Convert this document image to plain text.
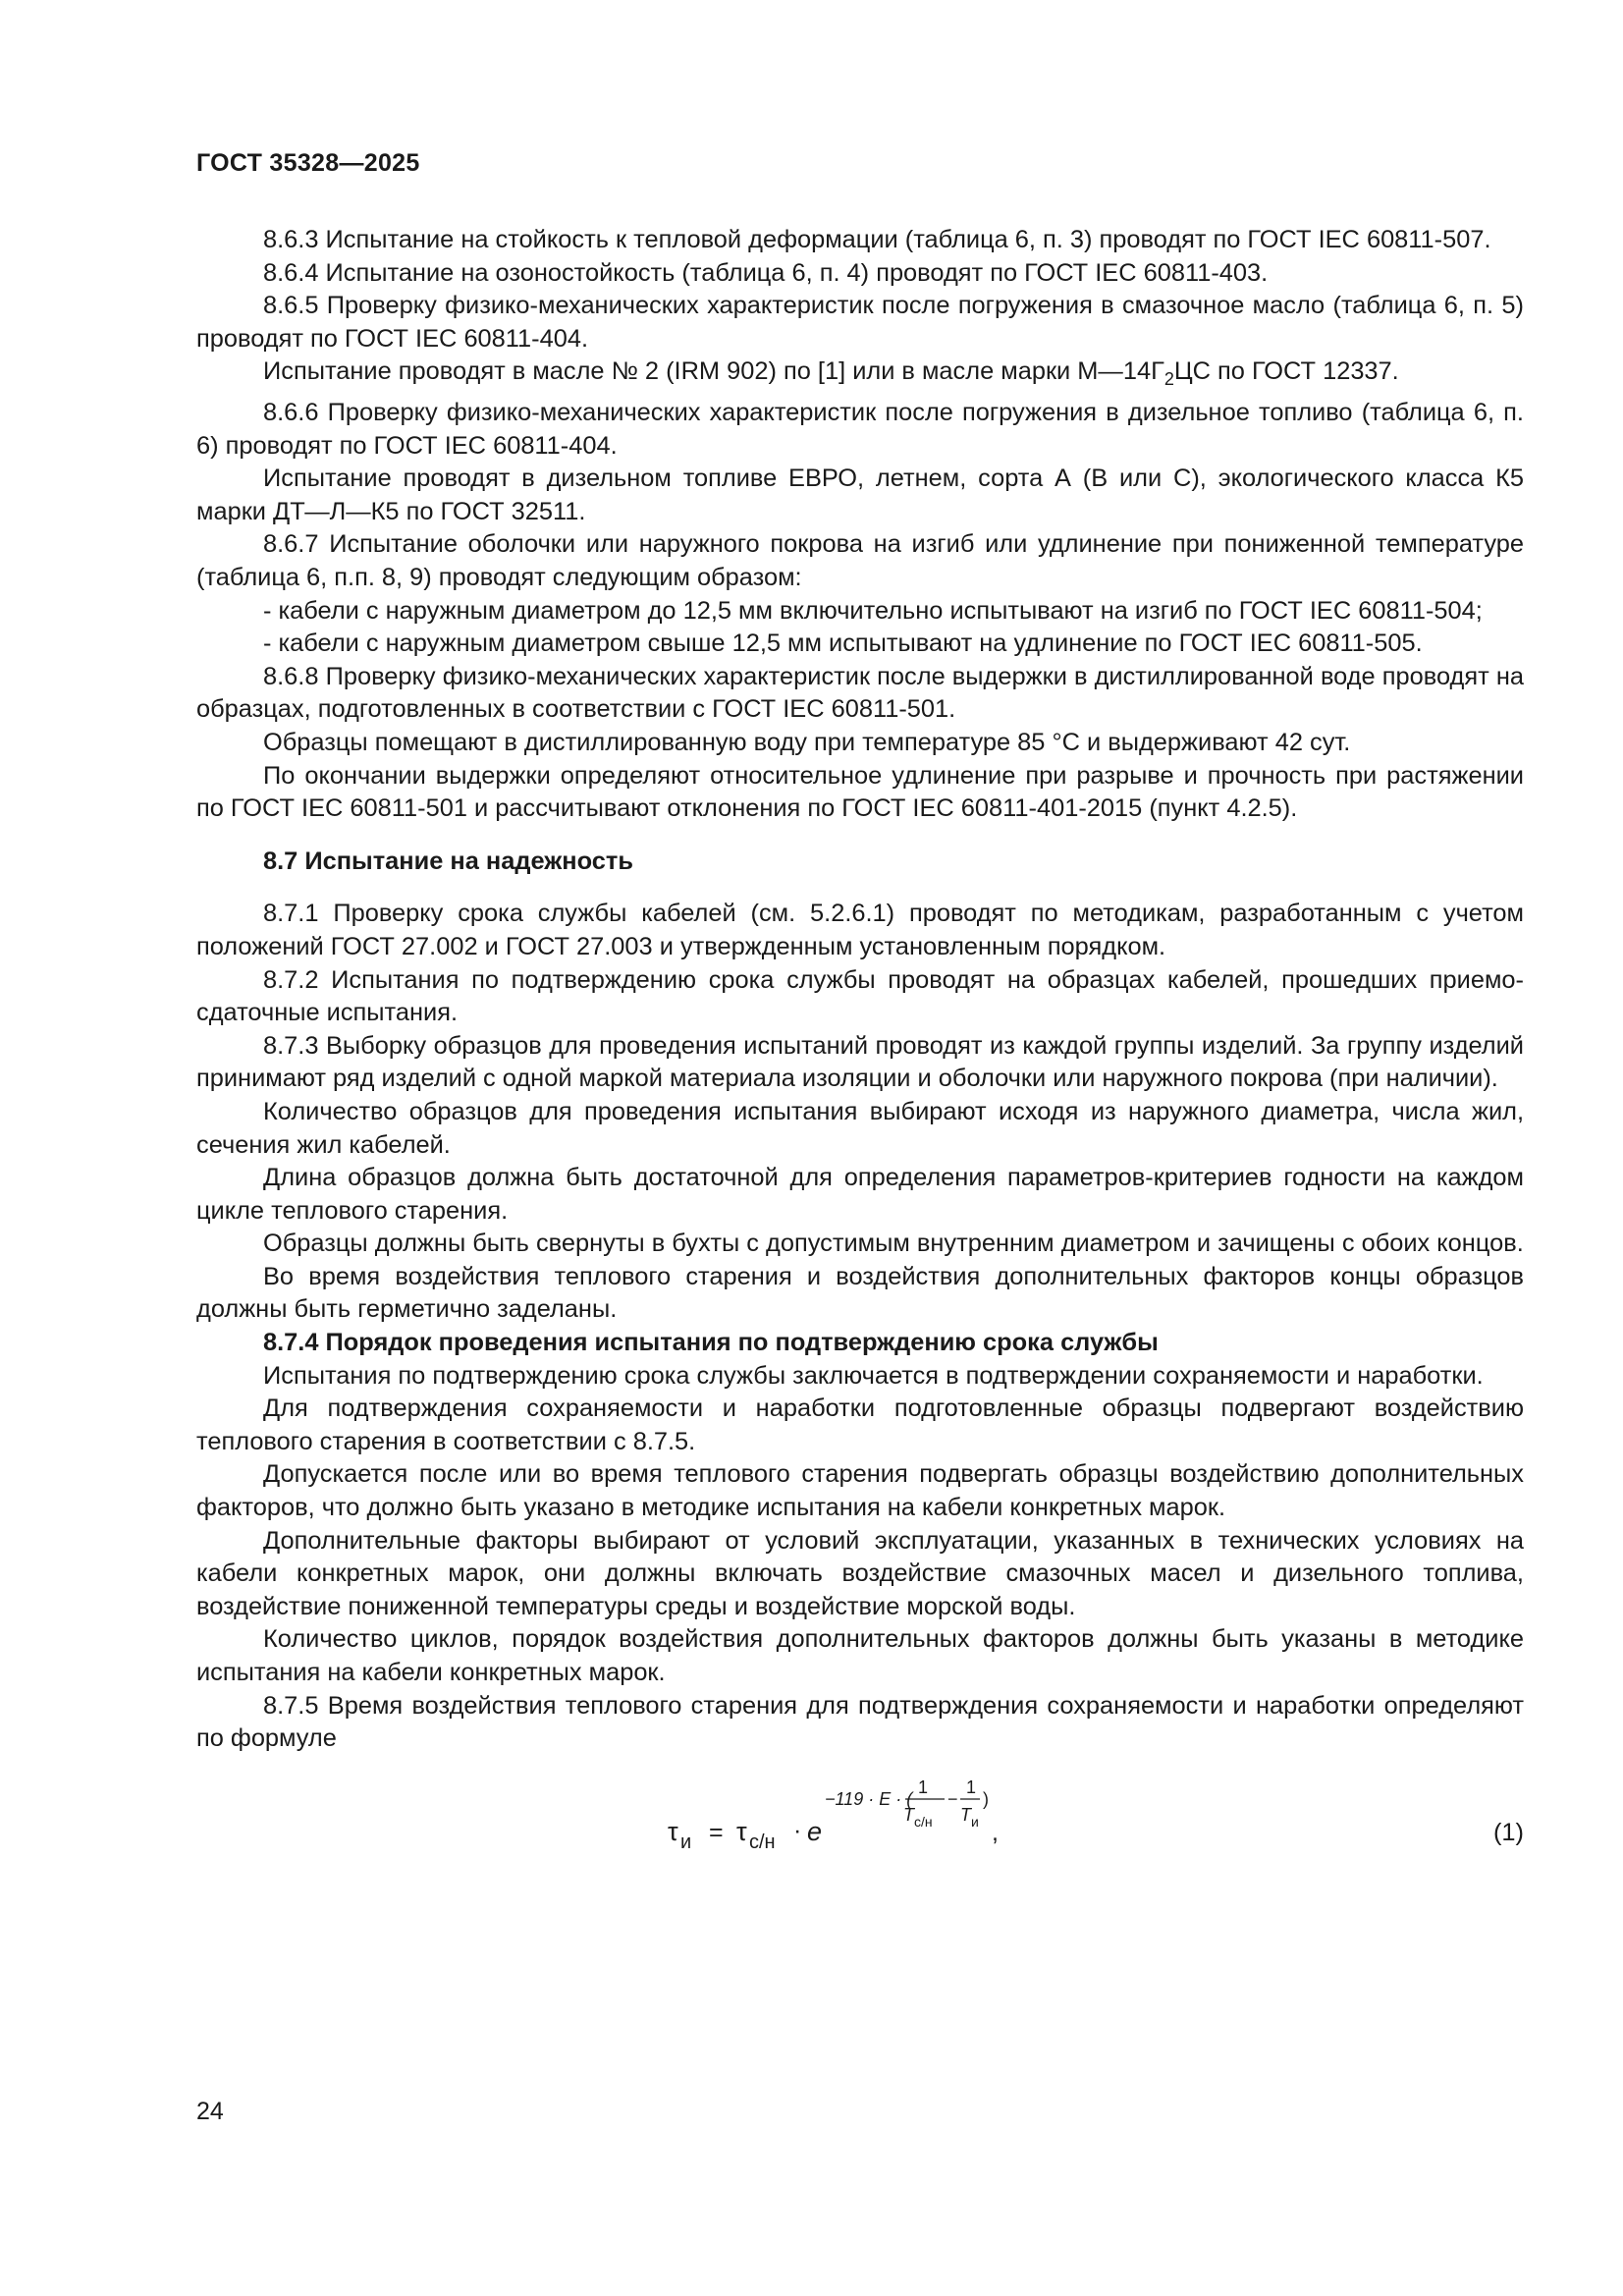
ГОСТ 35328—2025

8.6.3 Испытание на стойкость к тепловой деформации (таблица 6, п. 3) проводят по ГОСТ IEC 60811-507.

8.6.4 Испытание на озоностойкость (таблица 6, п. 4) проводят по ГОСТ IEC 60811-403.

8.6.5 Проверку физико-механических характеристик после погружения в смазочное масло (таблица 6, п. 5) проводят по ГОСТ IEC 60811-404.

Испытание проводят в масле № 2 (IRM 902) по [1] или в масле марки $М—14Г_2ЦС$ по ГОСТ 12337.

8.6.6 Проверку физико-механических характеристик после погружения в дизельное топливо (таблица 6, п. 6) проводят по ГОСТ IEC 60811-404.

Испытание проводят в дизельном топливе ЕВРО, летнем, сорта А (В или С), экологического класса К5 марки ДТ—Л—К5 по ГОСТ 32511.

8.6.7 Испытание оболочки или наружного покрова на изгиб или удлинение при пониженной температуре (таблица 6, п.п. 8, 9) проводят следующим образом:

- кабели с наружным диаметром до 12,5 мм включительно испытывают на изгиб по ГОСТ IEC 60811-504;

- кабели с наружным диаметром свыше 12,5 мм испытывают на удлинение по ГОСТ IEC 60811-505.

8.6.8 Проверку физико-механических характеристик после выдержки в дистиллированной воде проводят на образцах, подготовленных в соответствии с ГОСТ IEC 60811-501.

Образцы помещают в дистиллированную воду при температуре 85 °С и выдерживают 42 сут.

По окончании выдержки определяют относительное удлинение при разрыве и прочность при растяжении по ГОСТ IEC 60811-501 и рассчитывают отклонения по ГОСТ IEC 60811-401-2015 (пункт 4.2.5).

8.7 Испытание на надежность

8.7.1 Проверку срока службы кабелей (см. 5.2.6.1) проводят по методикам, разработанным с учетом положений ГОСТ 27.002 и ГОСТ 27.003 и утвержденным установленным порядком.

8.7.2 Испытания по подтверждению срока службы проводят на образцах кабелей, прошедших приемо-сдаточные испытания.

8.7.3 Выборку образцов для проведения испытаний проводят из каждой группы изделий. За группу изделий принимают ряд изделий с одной маркой материала изоляции и оболочки или наружного покрова (при наличии).

Количество образцов для проведения испытания выбирают исходя из наружного диаметра, числа жил, сечения жил кабелей.

Длина образцов должна быть достаточной для определения параметров-критериев годности на каждом цикле теплового старения.

Образцы должны быть свернуты в бухты с допустимым внутренним диаметром и зачищены с обоих концов.

Во время воздействия теплового старения и воздействия дополнительных факторов концы образцов должны быть герметично заделаны.

8.7.4 Порядок проведения испытания по подтверждению срока службы

Испытания по подтверждению срока службы заключается в подтверждении сохраняемости и наработки.

Для подтверждения сохраняемости и наработки подготовленные образцы подвергают воздействию теплового старения в соответствии с 8.7.5.

Допускается после или во время теплового старения подвергать образцы воздействию дополнительных факторов, что должно быть указано в методике испытания на кабели конкретных марок.

Дополнительные факторы выбирают от условий эксплуатации, указанных в технических условиях на кабели конкретных марок, они должны включать воздействие смазочных масел и дизельного топлива, воздействие пониженной температуры среды и воздействие морской воды.

Количество циклов, порядок воздействия дополнительных факторов должны быть указаны в методике испытания на кабели конкретных марок.

8.7.5 Время воздействия теплового старения для подтверждения сохраняемости и наработки определяют по формуле

τ и = τ с/н · e
−119 · E · (
1
T с/н
−
1
T и
)
,	(1)
24
